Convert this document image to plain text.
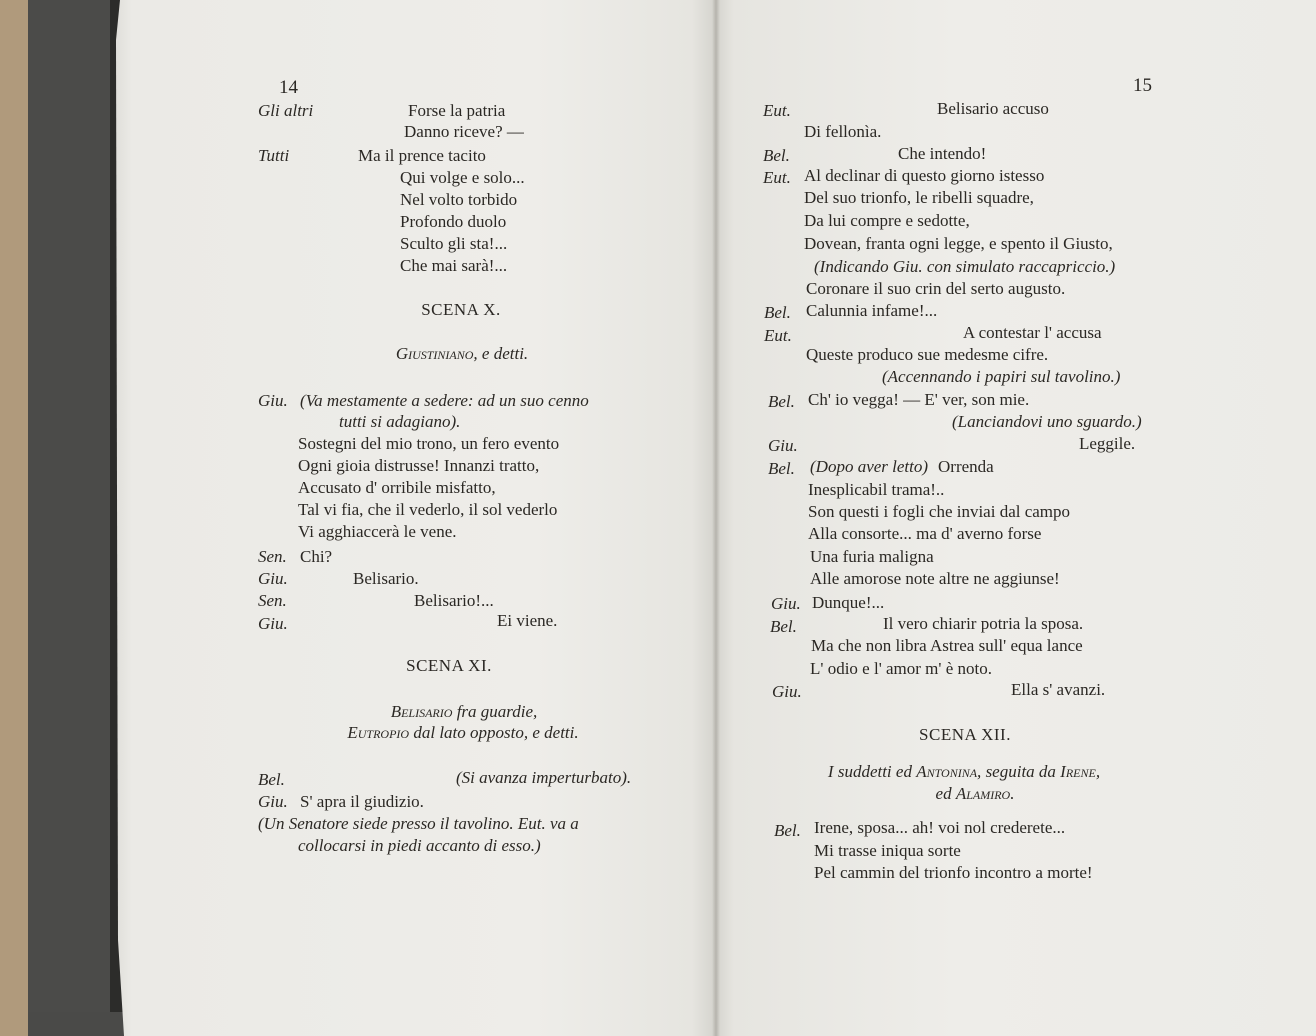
14
Gli altri	Forse la patria
Danno riceve? —
Tutti	Ma il prence tacito
Qui volge e solo...
Nel volto torbido
Profondo duolo
Sculto gli sta!...
Che mai sarà!...
SCENA X.
Giustiniano, e detti.
Giu. (Va mestamente a sedere: ad un suo cenno
tutti si adagiano).
Sostegni del mio trono, un fero evento
Ogni gioia distrusse! Innanzi tratto,
Accusato d' orribile misfatto,
Tal vi fia, che il vederlo, il sol vederlo
Vi agghiaccerà le vene.
Sen. Chi?
Giu.	Belisario.
Sen.	Belisario!...
Giu.	Ei viene.
SCENA XI.
Belisario fra guardie,
Eutropio dal lato opposto, e detti.
Bel.	(Si avanza imperturbato).
Giu. S' apra il giudizio.
(Un Senatore siede presso il tavolino. Eut. va a
collocarsi in piedi accanto di esso.)
15
Eut.	Belisario accuso
Di fellonìa.
Bel.	Che intendo!
Eut. Al declinar di questo giorno istesso
Del suo trionfo, le ribelli squadre,
Da lui compre e sedotte,
Dovean, franta ogni legge, e spento il Giusto,
(Indicando Giu. con simulato raccapriccio.)
Coronare il suo crin del serto augusto.
Bel. Calunnia infame!...
Eut.	A contestar l' accusa
Queste produco sue medesme cifre.
(Accennando i papiri sul tavolino.)
Bel. Ch' io vegga! — E' ver, son mie.
(Lanciandovi uno sguardo.)
Giu.	Leggile.
Bel. (Dopo aver letto) Orrenda
Inesplicabil trama!..
Son questi i fogli che inviai dal campo
Alla consorte... ma d' averno forse
Una furia maligna
Alle amorose note altre ne aggiunse!
Giu. Dunque!...
Bel.	Il vero chiarir potria la sposa.
Ma che non libra Astrea sull' equa lance
L' odio e l' amor m' è noto.
Giu.	Ella s' avanzi.
SCENA XII.
I suddetti ed Antonina, seguita da Irene,
ed Alamiro.
Bel. Irene, sposa... ah! voi nol crederete...
Mi trasse iniqua sorte
Pel cammin del trionfo incontro a morte!
